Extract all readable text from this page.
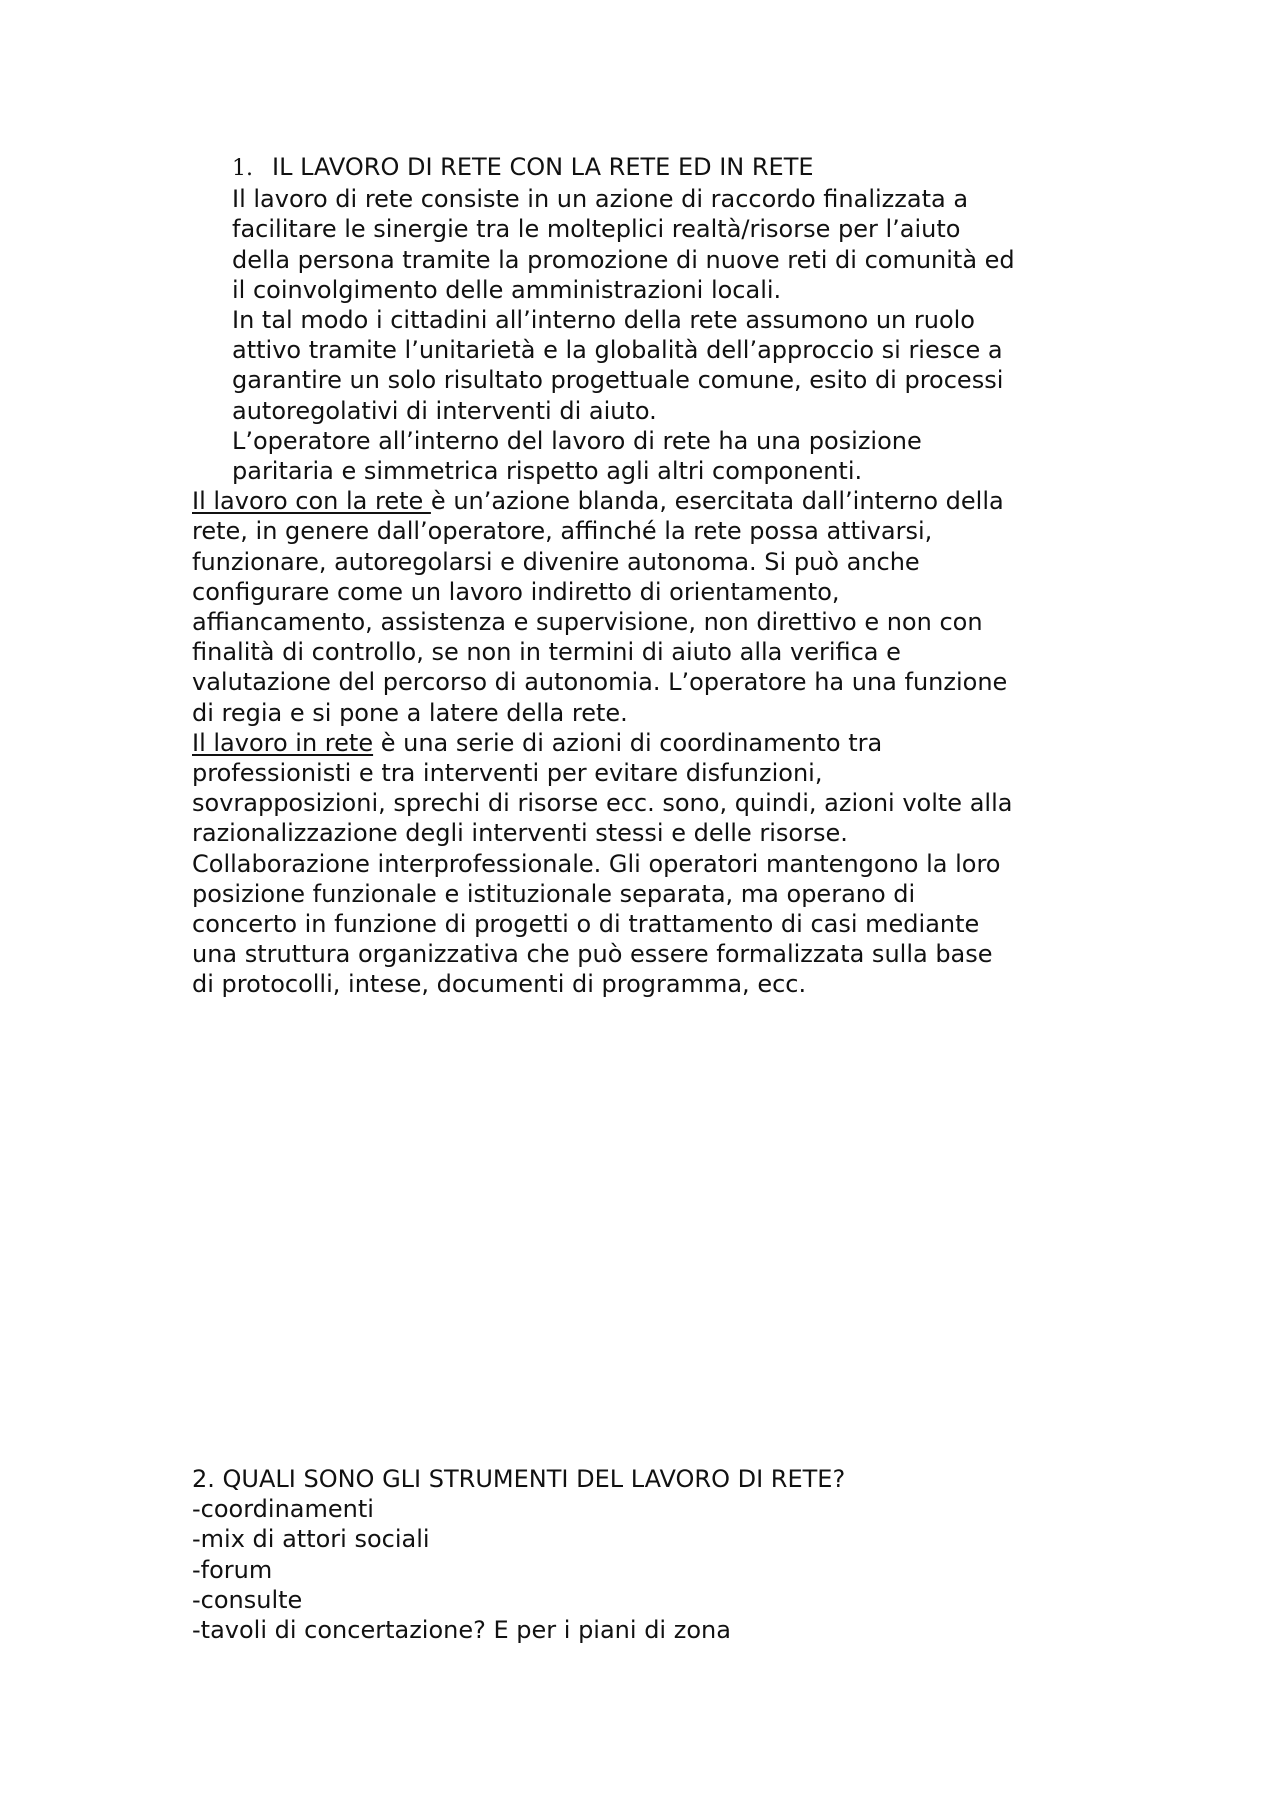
1. IL LAVORO DI RETE CON LA RETE ED IN RETE
Il lavoro di rete consiste in un azione di raccordo finalizzata a
facilitare le sinergie tra le molteplici realtà/risorse per l’aiuto
della persona tramite la promozione di nuove reti di comunità ed
il coinvolgimento delle amministrazioni locali.
In tal modo i cittadini all’interno della rete assumono un ruolo
attivo tramite l’unitarietà e la globalità dell’approccio si riesce a
garantire un solo risultato progettuale comune, esito di processi
autoregolativi di interventi di aiuto.
L’operatore all’interno del lavoro di rete ha una posizione
paritaria e simmetrica rispetto agli altri componenti.
Il lavoro con la rete è un’azione blanda, esercitata dall’interno della
rete, in genere dall’operatore, affinché la rete possa attivarsi,
funzionare, autoregolarsi e divenire autonoma. Si può anche
configurare come un lavoro indiretto di orientamento,
affiancamento, assistenza e supervisione, non direttivo e non con
finalità di controllo, se non in termini di aiuto alla verifica e
valutazione del percorso di autonomia. L’operatore ha una funzione
di regia e si pone a latere della rete.
Il lavoro in rete è una serie di azioni di coordinamento tra
professionisti e tra interventi per evitare disfunzioni,
sovrapposizioni, sprechi di risorse ecc. sono, quindi, azioni volte alla
razionalizzazione degli interventi stessi e delle risorse.
Collaborazione interprofessionale. Gli operatori mantengono la loro
posizione funzionale e istituzionale separata, ma operano di
concerto in funzione di progetti o di trattamento di casi mediante
una struttura organizzativa che può essere formalizzata sulla base
di protocolli, intese, documenti di programma, ecc.
2. QUALI SONO GLI STRUMENTI DEL LAVORO DI RETE?
-coordinamenti
-mix di attori sociali
-forum
-consulte
-tavoli di concertazione? E per i piani di zona
